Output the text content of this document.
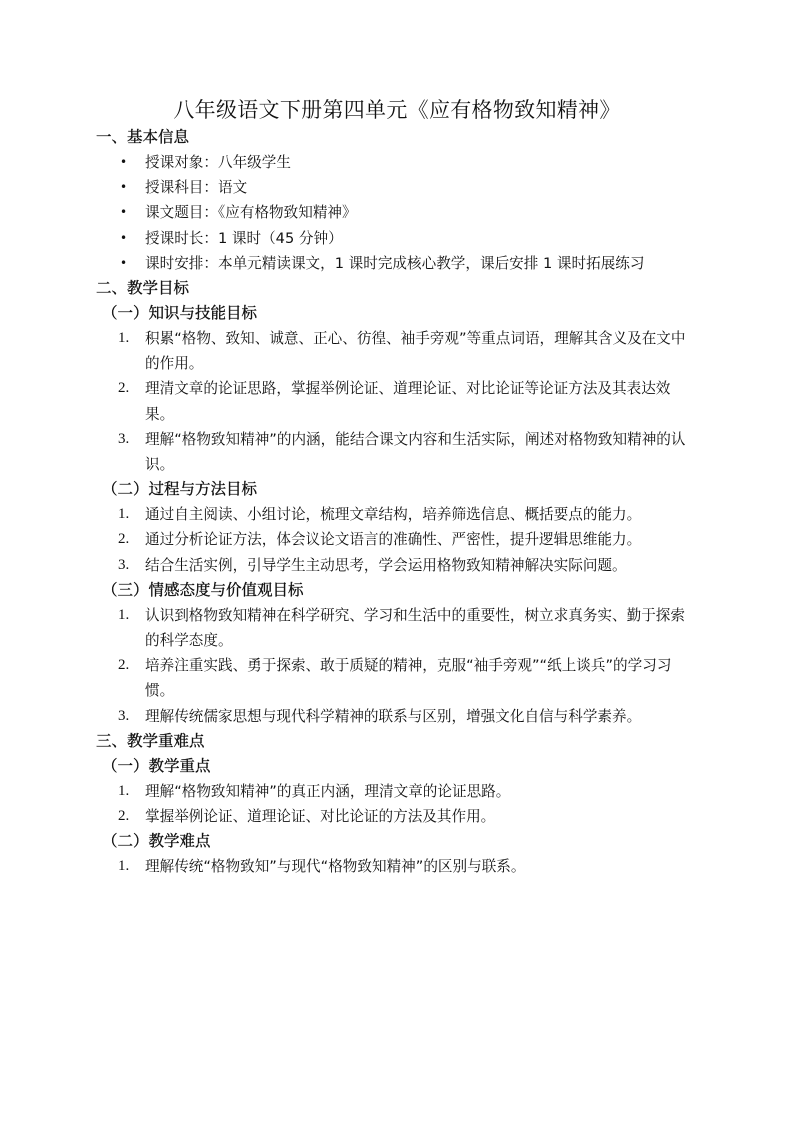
八年级语文下册第四单元《应有格物致知精神》
一、基本信息
•	授课对象：八年级学生
•	授课科目：语文
•	课文题目：《应有格物致知精神》
•	授课时长：1 课时（45 分钟）
•	课时安排：本单元精读课文，1 课时完成核心教学，课后安排 1 课时拓展练习
二、教学目标
（一）知识与技能目标
1.	积累“格物、致知、诚意、正心、彷徨、袖手旁观”等重点词语，理解其含义及在文中的作用。
2.	理清文章的论证思路，掌握举例论证、道理论证、对比论证等论证方法及其表达效果。
3.	理解“格物致知精神”的内涵，能结合课文内容和生活实际，阐述对格物致知精神的认识。
（二）过程与方法目标
1.	通过自主阅读、小组讨论，梳理文章结构，培养筛选信息、概括要点的能力。
2.	通过分析论证方法，体会议论文语言的准确性、严密性，提升逻辑思维能力。
3.	结合生活实例，引导学生主动思考，学会运用格物致知精神解决实际问题。
（三）情感态度与价值观目标
1.	认识到格物致知精神在科学研究、学习和生活中的重要性，树立求真务实、勤于探索的科学态度。
2.	培养注重实践、勇于探索、敢于质疑的精神，克服“袖手旁观”“纸上谈兵”的学习习惯。
3.	理解传统儒家思想与现代科学精神的联系与区别，增强文化自信与科学素养。
三、教学重难点
（一）教学重点
1.	理解“格物致知精神”的真正内涵，理清文章的论证思路。
2.	掌握举例论证、道理论证、对比论证的方法及其作用。
（二）教学难点
1.	理解传统“格物致知”与现代“格物致知精神”的区别与联系。
